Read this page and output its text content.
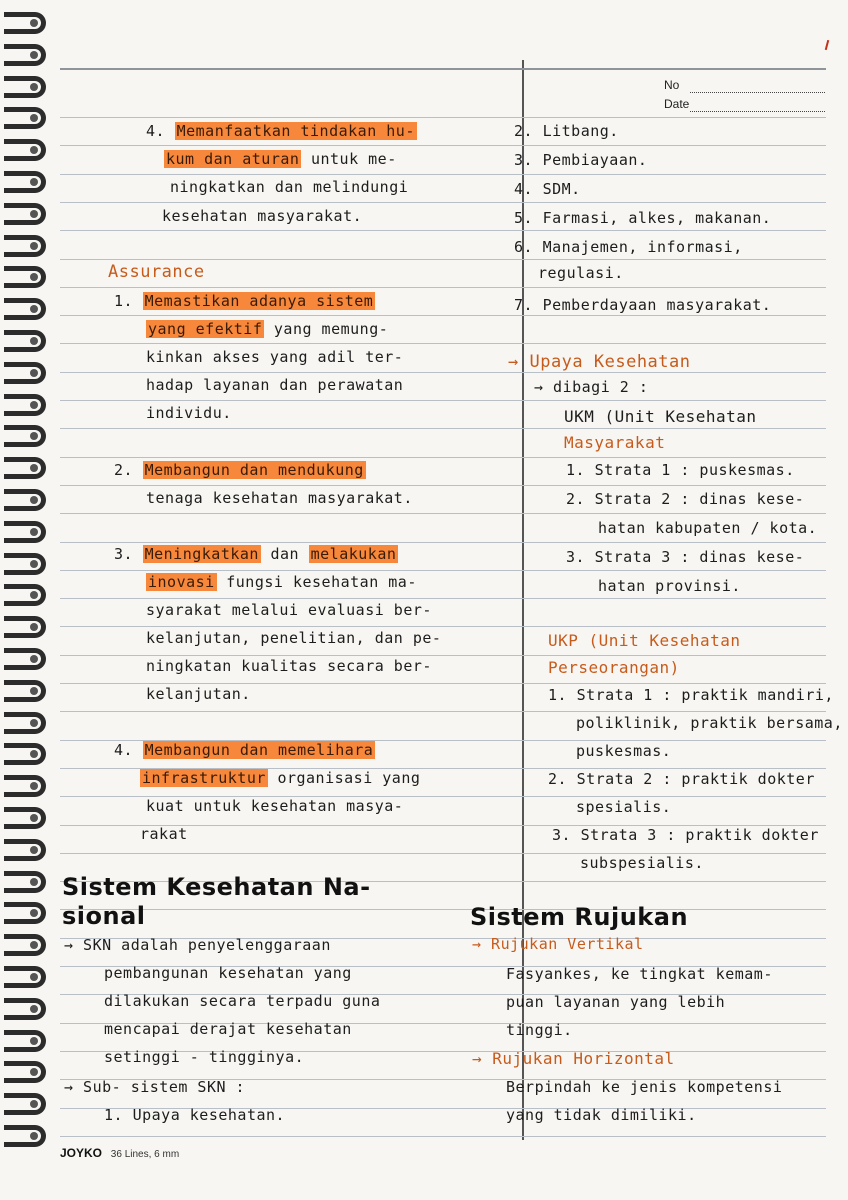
No
Date
4. Memanfaatkan tindakan hu-
kum dan aturan untuk me-
ningkatkan dan melindungi
kesehatan masyarakat.
Assurance
1. Memastikan adanya sistem
yang efektif yang memung-
kinkan akses yang adil ter-
hadap layanan dan perawatan
individu.
2. Membangun dan mendukung
tenaga kesehatan masyarakat.
3. Meningkatkan dan melakukan
inovasi fungsi kesehatan ma-
syarakat melalui evaluasi ber-
kelanjutan, penelitian, dan pe-
ningkatan kualitas secara ber-
kelanjutan.
4. Membangun dan memelihara
infrastruktur organisasi yang
kuat untuk kesehatan masya-
rakat
Sistem Kesehatan Na-
sional
→ SKN adalah penyelenggaraan
pembangunan kesehatan yang
dilakukan secara terpadu guna
mencapai derajat kesehatan
setinggi - tingginya.
→ Sub- sistem SKN :
1. Upaya kesehatan.
2. Litbang.
3. Pembiayaan.
4. SDM.
5. Farmasi, alkes, makanan.
6. Manajemen, informasi,
regulasi.
7. Pemberdayaan masyarakat.
→ Upaya Kesehatan
→ dibagi 2 :
UKM (Unit Kesehatan
Masyarakat
1. Strata 1 : puskesmas.
2. Strata 2 : dinas kese-
hatan kabupaten / kota.
3. Strata 3 : dinas kese-
hatan provinsi.
UKP (Unit Kesehatan
Perseorangan)
1. Strata 1 : praktik mandiri,
poliklinik, praktik bersama,
puskesmas.
2. Strata 2 : praktik dokter
spesialis.
3. Strata 3 : praktik dokter
subspesialis.
Sistem Rujukan
→ Rujukan Vertikal
Fasyankes, ke tingkat kemam-
puan layanan yang lebih
tinggi.
→ Rujukan Horizontal
Berpindah ke jenis kompetensi
yang tidak dimiliki.
JOYKO 36 Lines, 6 mm
